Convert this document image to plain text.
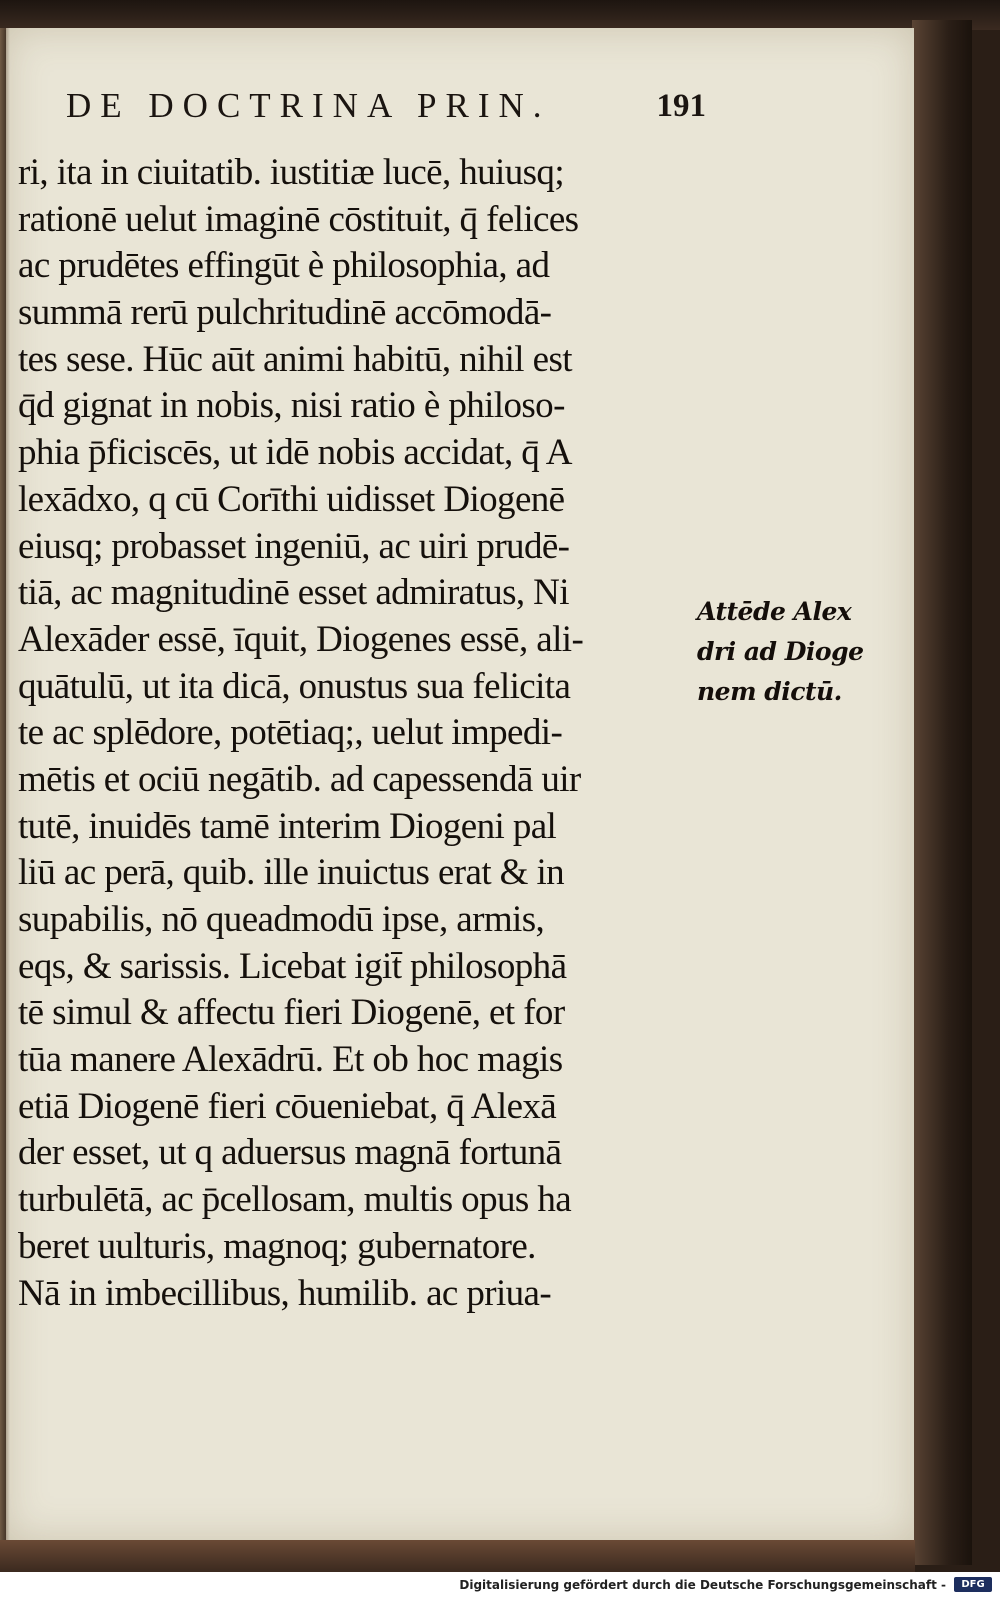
DE DOCTRINA PRIN.	191
ri, ita in ciuitatib. iustitiæ lucē, huiusq;
rationē uelut imaginē cōstituit, q̄ felices
ac prudētes effingūt è philosophia, ad
summā rerū pulchritudinē accōmodā-
tes sese. Hūc aūt animi habitū, nihil est
q̄d gignat in nobis, nisi ratio è philoso-
phia p̄ficiscēs, ut idē nobis accidat, q̄ A
lexādxo, q cū Corīthi uidisset Diogenē
eiusq; probasset ingeniū, ac uiri prudē-
tiā, ac magnitudinē esset admiratus, Ni
Alexāder essē, īquit, Diogenes essē, ali-
quātulū, ut ita dicā, onustus sua felicita
te ac splēdore, potētiaq;, uelut impedi-
mētis et ociū negātib. ad capessendā uir
tutē, inuidēs tamē interim Diogeni pal
liū ac perā, quib. ille inuictus erat & in
supabilis, nō queadmodū ipse, armis,
eqs, & sarissis. Licebat igit̄ philosophā
tē simul & affectu fieri Diogenē, et for
tūa manere Alexādrū. Et ob hoc magis
etiā Diogenē fieri cōueniebat, q̄ Alexā
der esset, ut q aduersus magnā fortunā
turbulētā, ac p̄cellosam, multis opus ha
beret uulturis, magnoq; gubernatore.
Nā in imbecillibus, humilib. ac priua-
Attēde Alex
dri ad Dioge
nem dictū.
Digitalisierung gefördert durch die Deutsche Forschungsgemeinschaft -	DFG
